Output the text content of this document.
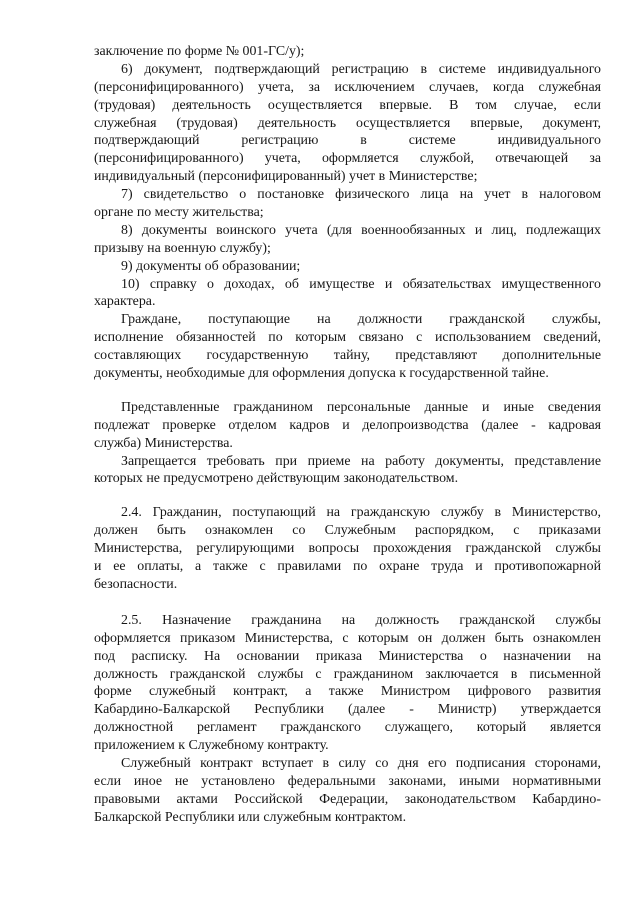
заключение по форме № 001-ГС/у);
6) документ, подтверждающий регистрацию в системе индивидуального
(персонифицированного) учета, за исключением случаев, когда служебная
(трудовая) деятельность осуществляется впервые. В том случае, если
служебная (трудовая) деятельность осуществляется впервые, документ,
подтверждающий регистрацию в системе индивидуального
(персонифицированного) учета, оформляется службой, отвечающей за
индивидуальный (персонифицированный) учет в Министерстве;
7) свидетельство о постановке физического лица на учет в налоговом
органе по месту жительства;
8) документы воинского учета (для военнообязанных и лиц, подлежащих
призыву на военную службу);
9) документы об образовании;
10) справку о доходах, об имуществе и обязательствах имущественного
характера.
Граждане, поступающие на должности гражданской службы,
исполнение обязанностей по которым связано с использованием сведений,
составляющих государственную тайну, представляют дополнительные
документы, необходимые для оформления допуска к государственной тайне.
Представленные гражданином персональные данные и иные сведения
подлежат проверке отделом кадров и делопроизводства (далее - кадровая
служба) Министерства.
Запрещается требовать при приеме на работу документы, представление
которых не предусмотрено действующим законодательством.
2.4. Гражданин, поступающий на гражданскую службу в Министерство,
должен быть ознакомлен со Служебным распорядком, с приказами
Министерства, регулирующими вопросы прохождения гражданской службы
и ее оплаты, а также с правилами по охране труда и противопожарной
безопасности.
2.5. Назначение гражданина на должность гражданской службы
оформляется приказом Министерства, с которым он должен быть ознакомлен
под расписку. На основании приказа Министерства о назначении на
должность гражданской службы с гражданином заключается в письменной
форме служебный контракт, а также Министром цифрового развития
Кабардино-Балкарской Республики (далее - Министр) утверждается
должностной регламент гражданского служащего, который является
приложением к Служебному контракту.
Служебный контракт вступает в силу со дня его подписания сторонами,
если иное не установлено федеральными законами, иными нормативными
правовыми актами Российской Федерации, законодательством Кабардино-
Балкарской Республики или служебным контрактом.
